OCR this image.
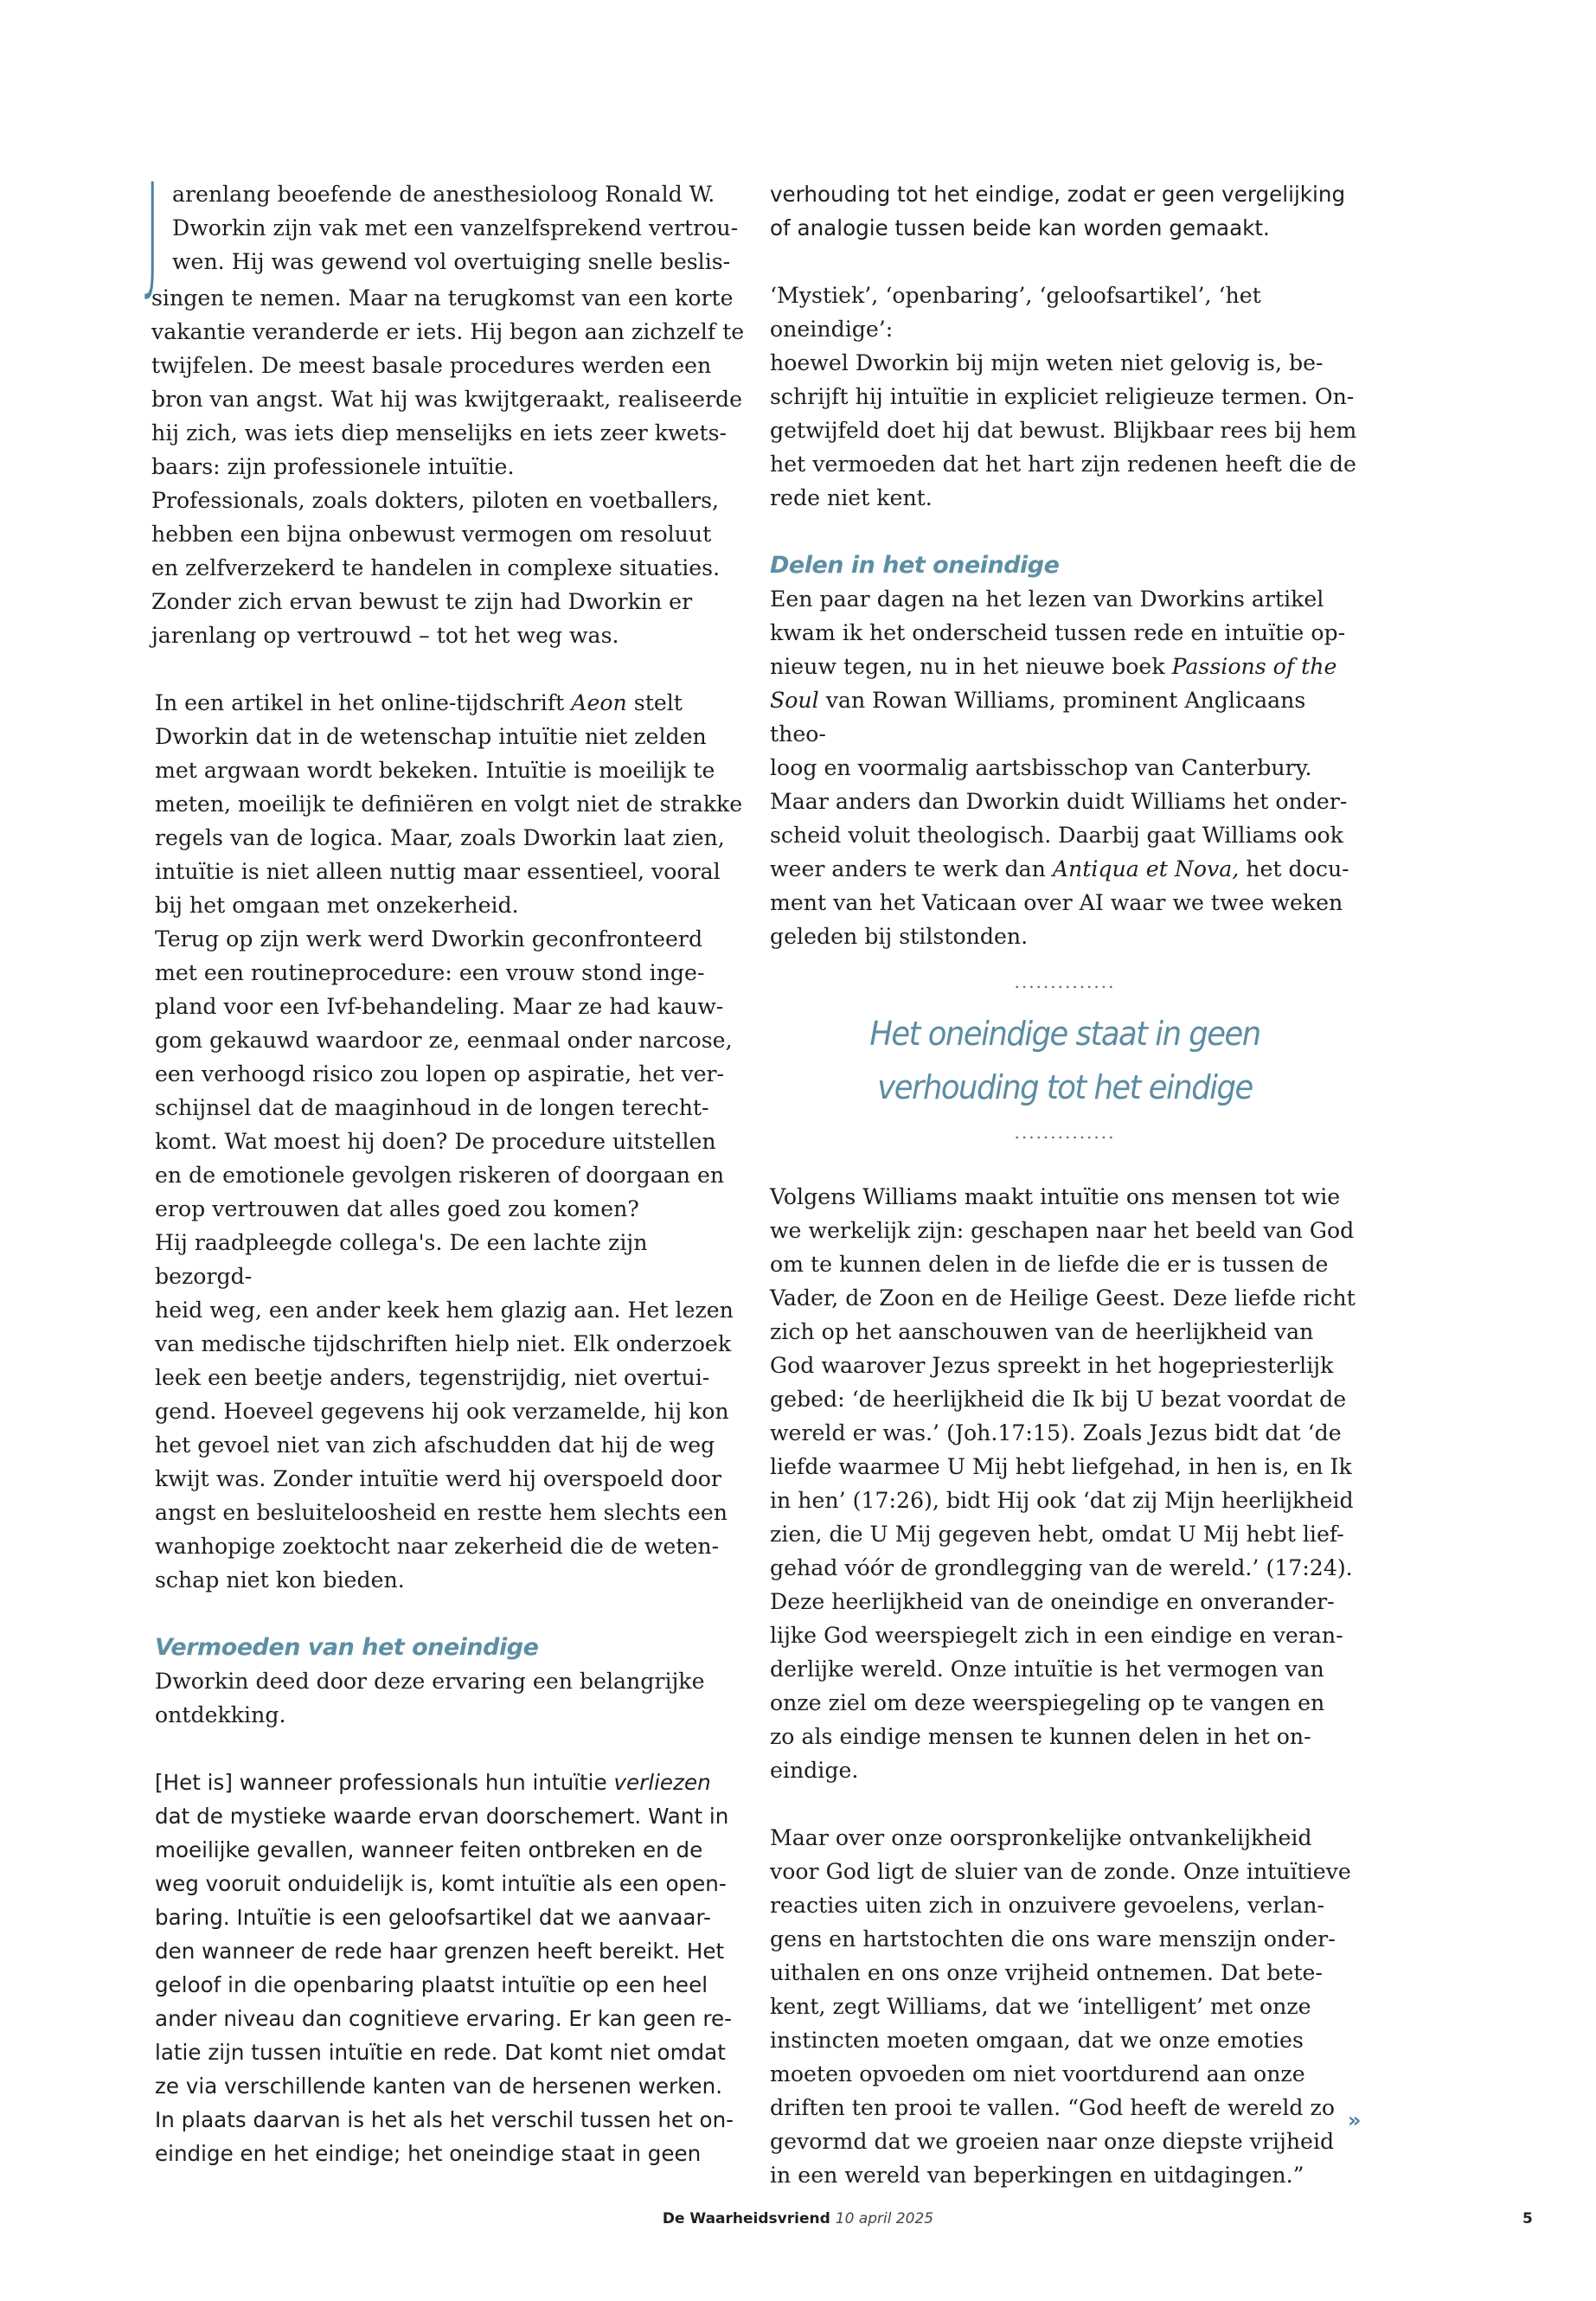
J arenlang beoefende de anesthesioloog Ronald W.
Dworkin zijn vak met een vanzelfsprekend vertrou-
wen. Hij was gewend vol overtuiging snelle beslis-
singen te nemen. Maar na terugkomst van een korte
vakantie veranderde er iets. Hij begon aan zichzelf te
twijfelen. De meest basale procedures werden een
bron van angst. Wat hij was kwijtgeraakt, realiseerde
hij zich, was iets diep menselijks en iets zeer kwets-
baars: zijn professionele intuïtie.
Professionals, zoals dokters, piloten en voetballers,
hebben een bijna onbewust vermogen om resoluut
en zelfverzekerd te handelen in complexe situaties.
Zonder zich ervan bewust te zijn had Dworkin er
jarenlang op vertrouwd – tot het weg was.
In een artikel in het online-tijdschrift Aeon stelt
Dworkin dat in de wetenschap intuïtie niet zelden
met argwaan wordt bekeken. Intuïtie is moeilijk te
meten, moeilijk te definiëren en volgt niet de strakke
regels van de logica. Maar, zoals Dworkin laat zien,
intuïtie is niet alleen nuttig maar essentieel, vooral
bij het omgaan met onzekerheid.
Terug op zijn werk werd Dworkin geconfronteerd
met een routineprocedure: een vrouw stond inge-
pland voor een Ivf-behandeling. Maar ze had kauw-
gom gekauwd waardoor ze, eenmaal onder narcose,
een verhoogd risico zou lopen op aspiratie, het ver-
schijnsel dat de maaginhoud in de longen terecht-
komt. Wat moest hij doen? De procedure uitstellen
en de emotionele gevolgen riskeren of doorgaan en
erop vertrouwen dat alles goed zou komen?
Hij raadpleegde collega's. De een lachte zijn bezorgd-
heid weg, een ander keek hem glazig aan. Het lezen
van medische tijdschriften hielp niet. Elk onderzoek
leek een beetje anders, tegenstrijdig, niet overtui-
gend. Hoeveel gegevens hij ook verzamelde, hij kon
het gevoel niet van zich afschudden dat hij de weg
kwijt was. Zonder intuïtie werd hij overspoeld door
angst en besluiteloosheid en restte hem slechts een
wanhopige zoektocht naar zekerheid die de weten-
schap niet kon bieden.
Vermoeden van het oneindige
Dworkin deed door deze ervaring een belangrijke
ontdekking.
[Het is] wanneer professionals hun intuïtie verliezen
dat de mystieke waarde ervan doorschemert. Want in
moeilijke gevallen, wanneer feiten ontbreken en de
weg vooruit onduidelijk is, komt intuïtie als een open-
baring. Intuïtie is een geloofsartikel dat we aanvaar-
den wanneer de rede haar grenzen heeft bereikt. Het
geloof in die openbaring plaatst intuïtie op een heel
ander niveau dan cognitieve ervaring. Er kan geen re-
latie zijn tussen intuïtie en rede. Dat komt niet omdat
ze via verschillende kanten van de hersenen werken.
In plaats daarvan is het als het verschil tussen het on-
eindige en het eindige; het oneindige staat in geen
verhouding tot het eindige, zodat er geen vergelijking
of analogie tussen beide kan worden gemaakt.
‘Mystiek’, ‘openbaring’, ‘geloofsartikel’, ‘het oneindige’:
hoewel Dworkin bij mijn weten niet gelovig is, be-
schrijft hij intuïtie in expliciet religieuze termen. On-
getwijfeld doet hij dat bewust. Blijkbaar rees bij hem
het vermoeden dat het hart zijn redenen heeft die de
rede niet kent.
Delen in het oneindige
Een paar dagen na het lezen van Dworkins artikel
kwam ik het onderscheid tussen rede en intuïtie op-
nieuw tegen, nu in het nieuwe boek Passions of the
Soul van Rowan Williams, prominent Anglicaans theo-
loog en voormalig aartsbisschop van Canterbury.
Maar anders dan Dworkin duidt Williams het onder-
scheid voluit theologisch. Daarbij gaat Williams ook
weer anders te werk dan Antiqua et Nova, het docu-
ment van het Vaticaan over AI waar we twee weken
geleden bij stilstonden.
..............
Het oneindige staat in geen
verhouding tot het eindige
..............
Volgens Williams maakt intuïtie ons mensen tot wie
we werkelijk zijn: geschapen naar het beeld van God
om te kunnen delen in de liefde die er is tussen de
Vader, de Zoon en de Heilige Geest. Deze liefde richt
zich op het aanschouwen van de heerlijkheid van
God waarover Jezus spreekt in het hogepriesterlijk
gebed: ‘de heerlijkheid die Ik bij U bezat voordat de
wereld er was.’ (Joh.17:15). Zoals Jezus bidt dat ‘de
liefde waarmee U Mij hebt liefgehad, in hen is, en Ik
in hen’ (17:26), bidt Hij ook ‘dat zij Mijn heerlijkheid
zien, die U Mij gegeven hebt, omdat U Mij hebt lief-
gehad vóór de grondlegging van de wereld.’ (17:24).
Deze heerlijkheid van de oneindige en onverander-
lijke God weerspiegelt zich in een eindige en veran-
derlijke wereld. Onze intuïtie is het vermogen van
onze ziel om deze weerspiegeling op te vangen en
zo als eindige mensen te kunnen delen in het on-
eindige.
Maar over onze oorspronkelijke ontvankelijkheid
voor God ligt de sluier van de zonde. Onze intuïtieve
reacties uiten zich in onzuivere gevoelens, verlan-
gens en hartstochten die ons ware menszijn onder-
uithalen en ons onze vrijheid ontnemen. Dat bete-
kent, zegt Williams, dat we ‘intelligent’ met onze
instincten moeten omgaan, dat we onze emoties
moeten opvoeden om niet voortdurend aan onze
driften ten prooi te vallen. “God heeft de wereld zo
gevormd dat we groeien naar onze diepste vrijheid
in een wereld van beperkingen en uitdagingen.”
»
De Waarheidsvriend 10 april 2025	5
